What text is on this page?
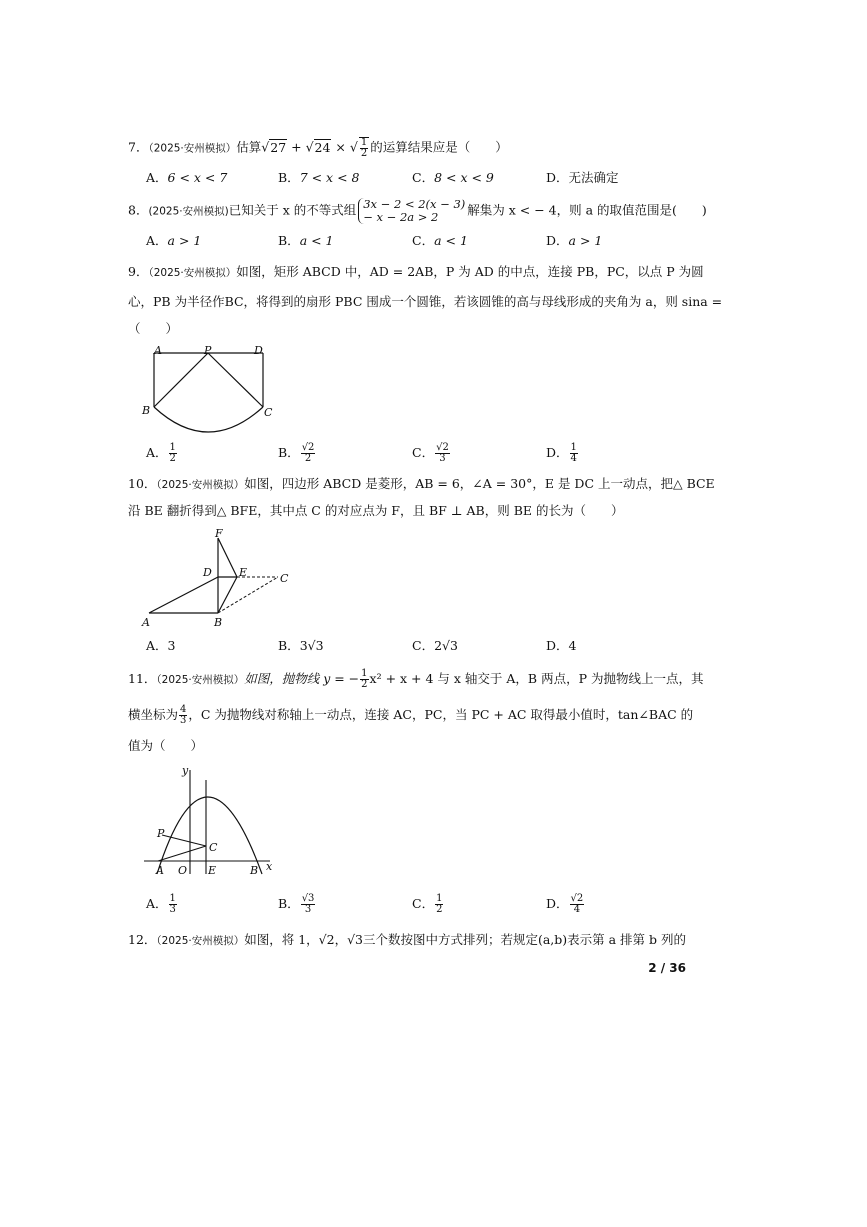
7．（2025·安州模拟）估算√27 + √24 × √ $\frac{1}{2}$ 的运算结果应是（　　）
A．6 < x < 7	B．7 < x < 8	C．8 < x < 9	D．无法确定
8．(2025·安州模拟)已知关于 x 的不等式组 3x − 2 < 2(x − 3)
− x − 2a > 2	解集为 x < − 4，则 a 的取值范围是(　　)
A．a > 1	B．a < 1	C．a < 1	D．a > 1
9．（2025·安州模拟）如图，矩形 ABCD 中，AD = 2AB，P 为 AD 的中点，连接 PB，PC，以点 P 为圆
心，PB 为半径作BC，将得到的扇形 PBC 围成一个圆锥，若该圆锥的高与母线形成的夹角为 a，则 sina =
（　　）
A	P	D
B	C
A． $\frac{1}{2}$	B． $\frac{√2}{2}$	C． $\frac{√2}{3}$	D． $\frac{1}{4}$
10．（2025·安州模拟）如图，四边形 ABCD 是菱形，AB = 6，∠A = 30°，E 是 DC 上一动点，把△ BCE
沿 BE 翻折得到△ BFE，其中点 C 的对应点为 F，且 BF ⊥ AB，则 BE 的长为（　　）
F
D E	C
A	B
A．3	B．3√3	C．2√3	D．4
11．（2025·安州模拟）如图，抛物线 y = − $\frac{1}{2} x^2 + x + 4$ 与 x 轴交于 A，B 两点，P 为抛物线上一点，其
横坐标为 $\frac{4}{3}$ ，C 为抛物线对称轴上一动点，连接 AC，PC，当 PC + AC 取得最小值时，tan∠BAC 的
值为（　　）
y
P
C
A O E	B x
A． $\frac{1}{3}$	B． $\frac{√3}{3}$	C． $\frac{1}{2}$	D． $\frac{√2}{4}$
12．（2025·安州模拟）如图，将 1，√2，√3三个数按图中方式排列；若规定(a,b)表示第 a 排第 b 列的
2 / 36
